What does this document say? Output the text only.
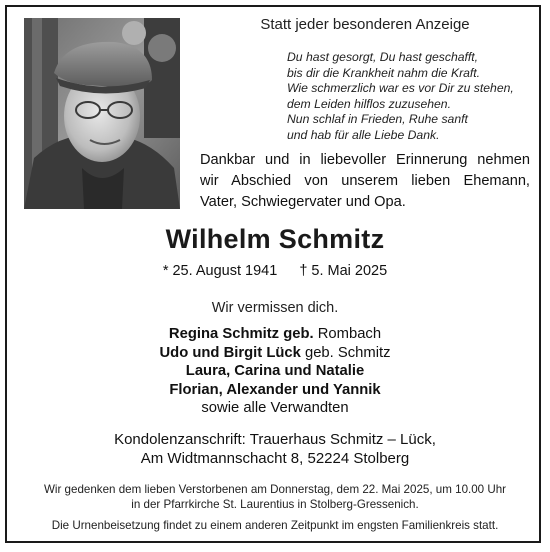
Statt jeder besonderen Anzeige
Du hast gesorgt, Du hast geschafft,
bis dir die Krankheit nahm die Kraft.
Wie schmerzlich war es vor Dir zu stehen,
dem Leiden hilflos zuzusehen.
Nun schlaf in Frieden, Ruhe sanft
und hab für alle Liebe Dank.
Dankbar und in liebevoller Erinnerung nehmen
wir Abschied von unserem lieben Ehemann,
Vater, Schwiegervater und Opa.
Wilhelm Schmitz
* 25. August 1941 † 5. Mai 2025
Wir vermissen dich.
Regina Schmitz geb. Rombach
Udo und Birgit Lück geb. Schmitz
Laura, Carina und Natalie
Florian, Alexander und Yannik
sowie alle Verwandten
Kondolenzanschrift: Trauerhaus Schmitz – Lück,
Am Widtmannschacht 8, 52224 Stolberg
Wir gedenken dem lieben Verstorbenen am Donnerstag, dem 22. Mai 2025, um 10.00 Uhr
in der Pfarrkirche St. Laurentius in Stolberg-Gressenich.
Die Urnenbeisetzung findet zu einem anderen Zeitpunkt im engsten Familienkreis statt.
